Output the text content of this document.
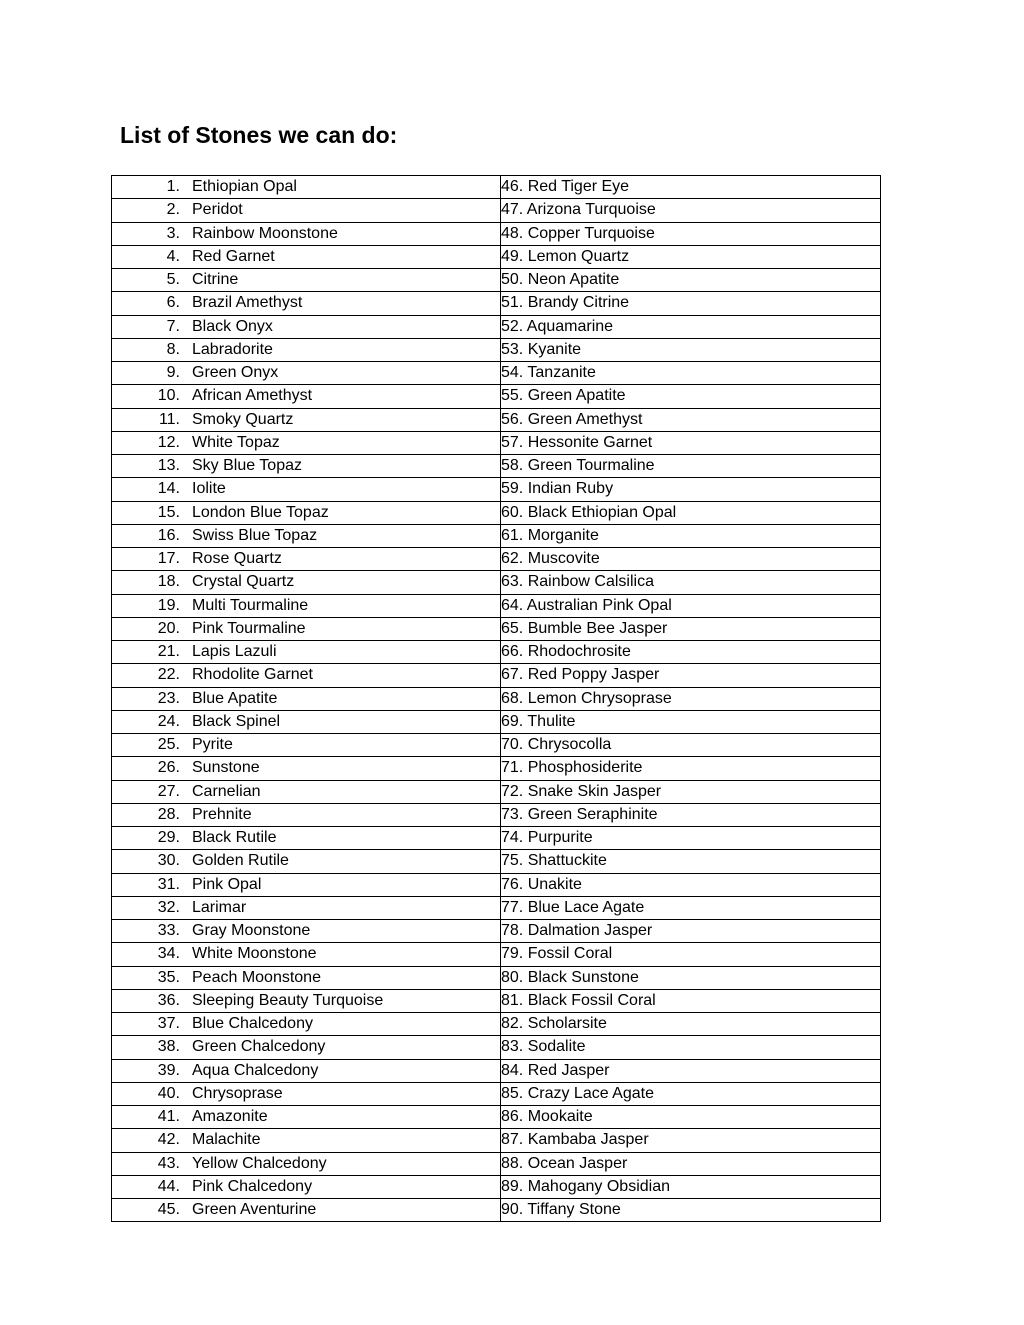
List of Stones we can do:
1. Ethiopian Opal	46. Red Tiger Eye
2. Peridot	47. Arizona Turquoise
3. Rainbow Moonstone	48. Copper Turquoise
4. Red Garnet	49. Lemon Quartz
5. Citrine	50. Neon Apatite
6. Brazil Amethyst	51. Brandy Citrine
7. Black Onyx	52. Aquamarine
8. Labradorite	53. Kyanite
9. Green Onyx	54. Tanzanite
10. African Amethyst	55. Green Apatite
11. Smoky Quartz	56. Green Amethyst
12. White Topaz	57. Hessonite Garnet
13. Sky Blue Topaz	58. Green Tourmaline
14. Iolite	59. Indian Ruby
15. London Blue Topaz	60. Black Ethiopian Opal
16. Swiss Blue Topaz	61. Morganite
17. Rose Quartz	62. Muscovite
18. Crystal Quartz	63. Rainbow Calsilica
19. Multi Tourmaline	64. Australian Pink Opal
20. Pink Tourmaline	65. Bumble Bee Jasper
21. Lapis Lazuli	66. Rhodochrosite
22. Rhodolite Garnet	67. Red Poppy Jasper
23. Blue Apatite	68. Lemon Chrysoprase
24. Black Spinel	69. Thulite
25. Pyrite	70. Chrysocolla
26. Sunstone	71. Phosphosiderite
27. Carnelian	72. Snake Skin Jasper
28. Prehnite	73. Green Seraphinite
29. Black Rutile	74. Purpurite
30. Golden Rutile	75. Shattuckite
31. Pink Opal	76. Unakite
32. Larimar	77. Blue Lace Agate
33. Gray Moonstone	78. Dalmation Jasper
34. White Moonstone	79. Fossil Coral
35. Peach Moonstone	80. Black Sunstone
36. Sleeping Beauty Turquoise	81. Black Fossil Coral
37. Blue Chalcedony	82. Scholarsite
38. Green Chalcedony	83. Sodalite
39. Aqua Chalcedony	84. Red Jasper
40. Chrysoprase	85. Crazy Lace Agate
41. Amazonite	86. Mookaite
42. Malachite	87. Kambaba Jasper
43. Yellow Chalcedony	88. Ocean Jasper
44. Pink Chalcedony	89. Mahogany Obsidian
45. Green Aventurine	90. Tiffany Stone
